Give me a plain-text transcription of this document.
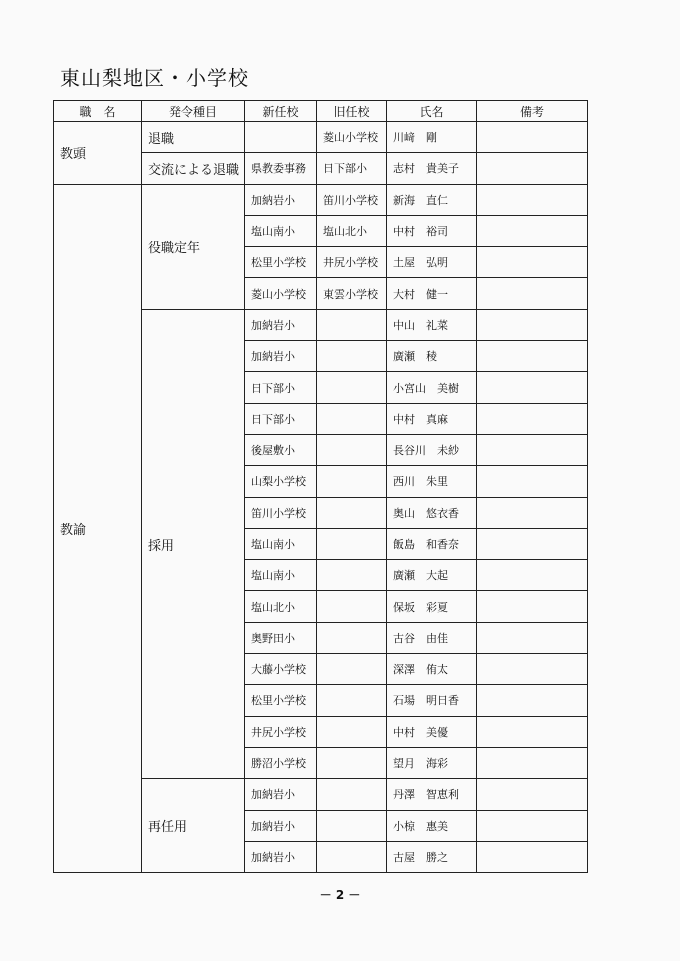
東山梨地区・小学校
職　名	発令種目	新任校	旧任校	氏名	備考
教頭	退職		菱山小学校	川﨑　剛	
	交流による退職	県教委事務	日下部小	志村　貴美子	
教諭	役職定年	加納岩小	笛川小学校	新海　直仁	
		塩山南小	塩山北小	中村　裕司	
		松里小学校	井尻小学校	土屋　弘明	
		菱山小学校	東雲小学校	大村　健一	
	採用	加納岩小		中山　礼菜	
		加納岩小		廣瀬　稜	
		日下部小		小宮山　美樹	
		日下部小		中村　真麻	
		後屋敷小		長谷川　未紗	
		山梨小学校		西川　朱里	
		笛川小学校		奥山　悠衣香	
		塩山南小		飯島　和香奈	
		塩山南小		廣瀬　大起	
		塩山北小		保坂　彩夏	
		奥野田小		古谷　由佳	
		大藤小学校		深澤　侑太	
		松里小学校		石場　明日香	
		井尻小学校		中村　美優	
		勝沼小学校		望月　海彩	
	再任用	加納岩小		丹澤　智恵利	
		加納岩小		小椋　惠美	
		加納岩小		古屋　勝之	
－ 2 －
